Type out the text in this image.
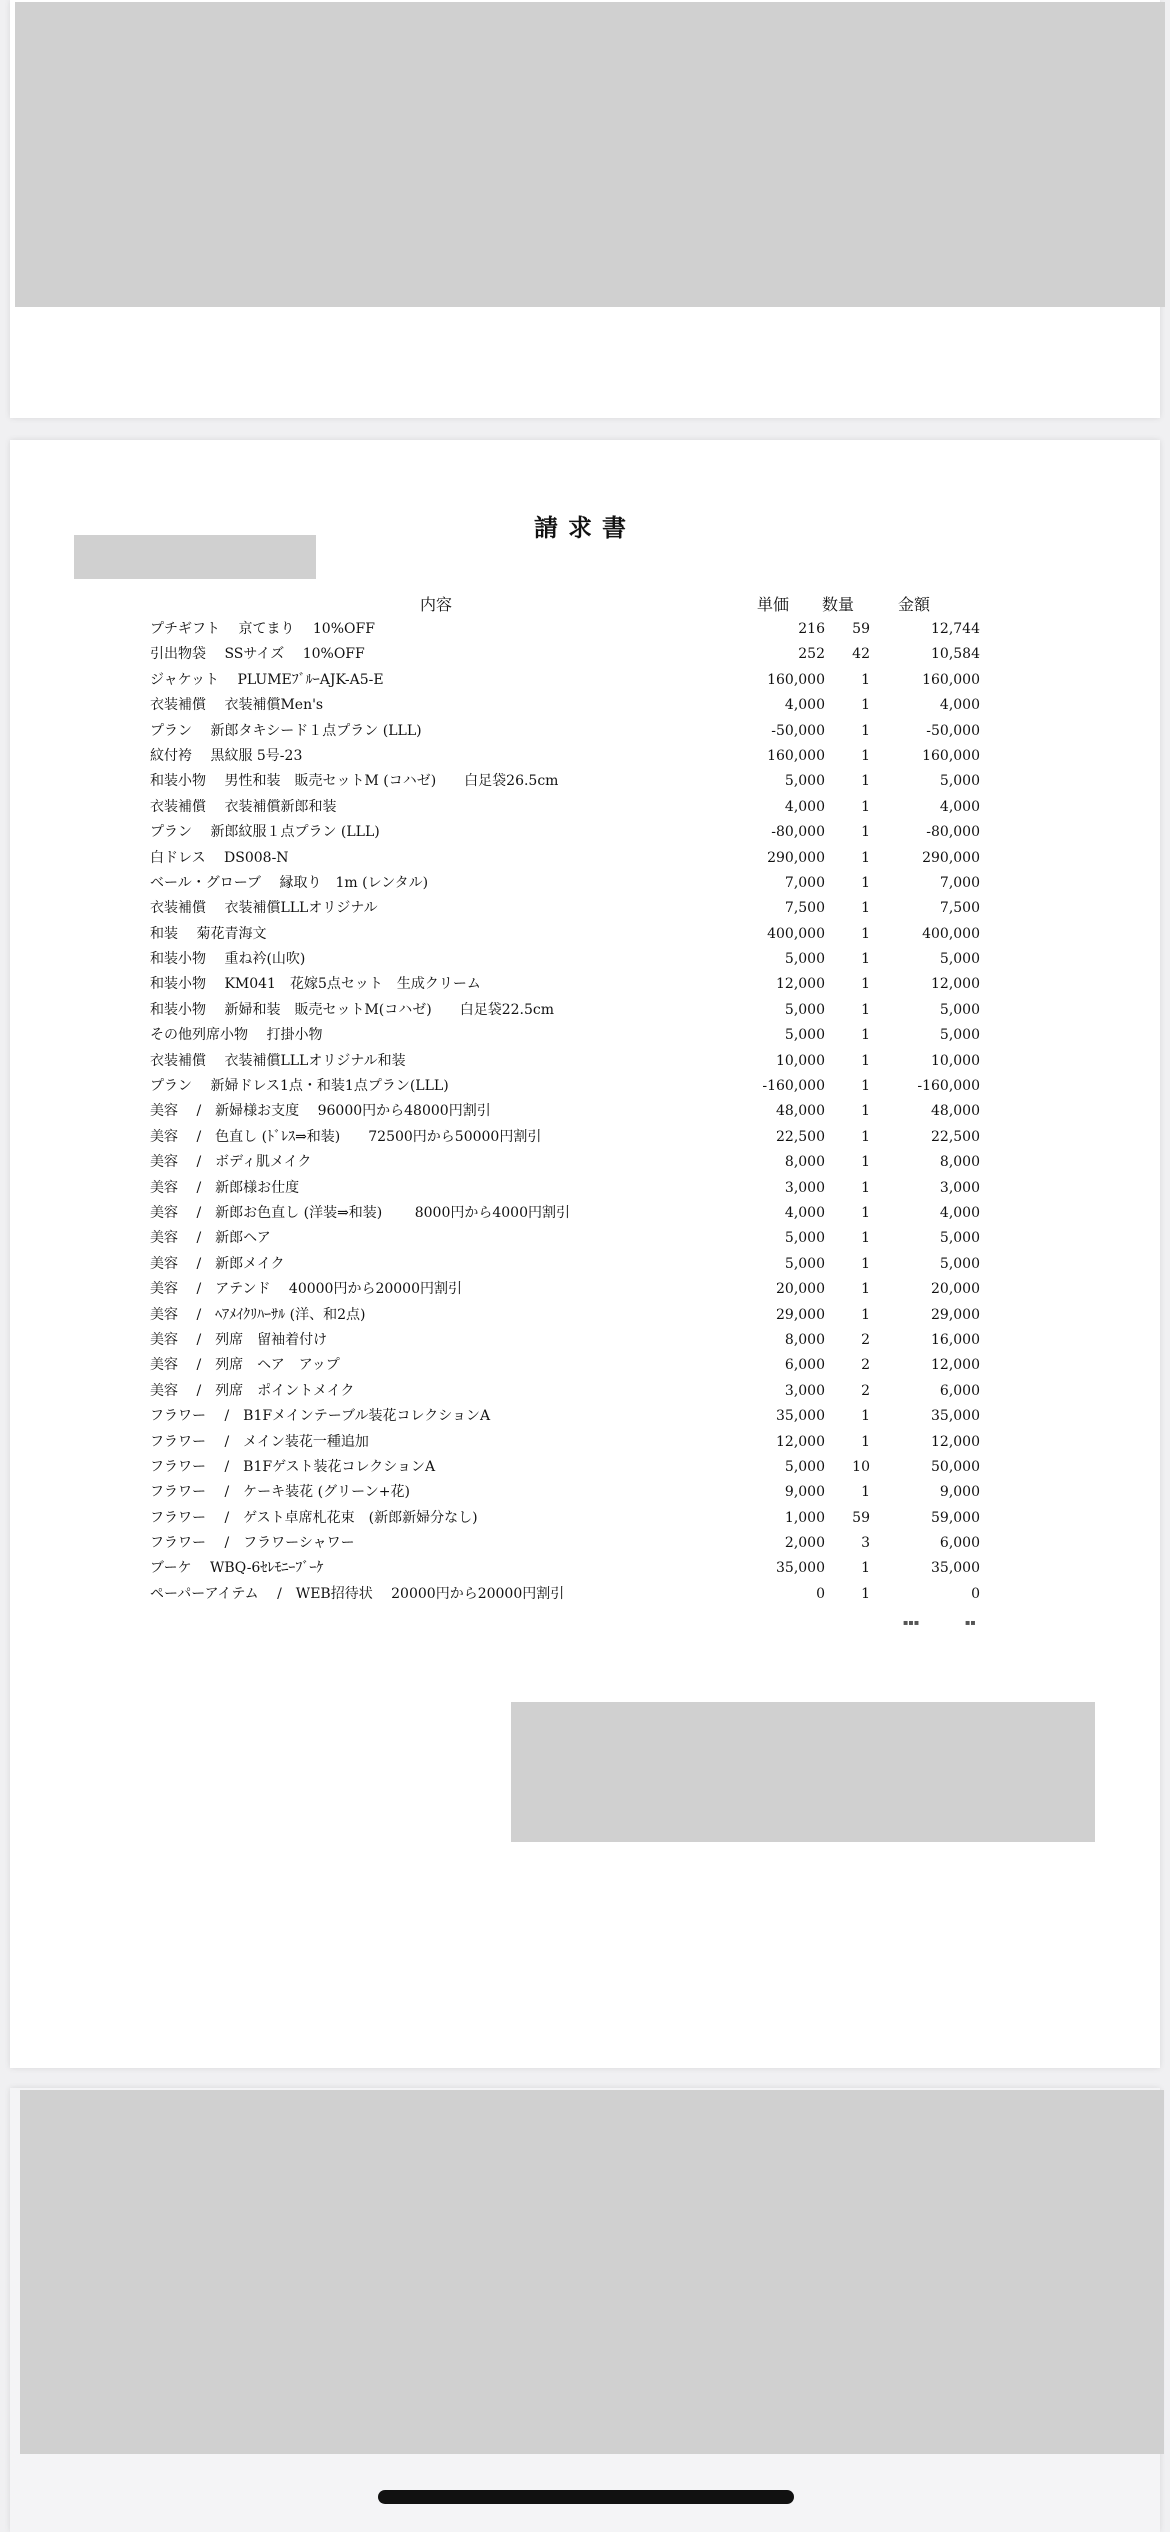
請求書
内容	単価 数量	金額
プチギフト　 京てまり　 10%OFF	216	59	12,744
引出物袋　 SSサイズ　 10%OFF	252	42	10,584
ジャケット　 PLUMEﾌﾞﾙｰAJK-A5-E	160,000	1	160,000
衣装補償　 衣装補償Men's	4,000	1	4,000
プラン　 新郎タキシード１点プラン (LLL)	-50,000	1	-50,000
紋付袴　 黒紋服 5号-23	160,000	1	160,000
和装小物　 男性和装　販売セットM (コハゼ)　　白足袋26.5cm	5,000	1	5,000
衣装補償　 衣装補償新郎和装	4,000	1	4,000
プラン　 新郎紋服１点プラン (LLL)	-80,000	1	-80,000
白ドレス　 DS008-N	290,000	1	290,000
ベール・グローブ　 縁取り　1m (レンタル)	7,000	1	7,000
衣装補償　 衣装補償LLLオリジナル	7,500	1	7,500
和装　 菊花青海文	400,000	1	400,000
和装小物　 重ね衿(山吹)	5,000	1	5,000
和装小物　 KM041　花嫁5点セット　生成クリーム	12,000	1	12,000
和装小物　 新婦和装　販売セットM(コハゼ)　　白足袋22.5cm	5,000	1	5,000
その他列席小物　 打掛小物	5,000	1	5,000
衣装補償　 衣装補償LLLオリジナル和装	10,000	1	10,000
プラン　 新婦ドレス1点・和装1点プラン(LLL)	-160,000	1	-160,000
美容　 /　新婦様お支度　 96000円から48000円割引	48,000	1	48,000
美容　 /　色直し (ﾄﾞﾚｽ⇒和装)　　72500円から50000円割引	22,500	1	22,500
美容　 /　ボディ肌メイク	8,000	1	8,000
美容　 /　新郎様お仕度	3,000	1	3,000
美容　 /　新郎お色直し (洋装⇒和装)　　 8000円から4000円割引	4,000	1	4,000
美容　 /　新郎ヘア	5,000	1	5,000
美容　 /　新郎メイク	5,000	1	5,000
美容　 /　アテンド　 40000円から20000円割引	20,000	1	20,000
美容　 /　ﾍｱﾒｲｸﾘﾊｰｻﾙ (洋、和2点)	29,000	1	29,000
美容　 /　列席　留袖着付け	8,000	2	16,000
美容　 /　列席　ヘア　アップ	6,000	2	12,000
美容　 /　列席　ポイントメイク	3,000	2	6,000
フラワー　 /　B1Fメインテーブル装花コレクションA	35,000	1	35,000
フラワー　 /　メイン装花一種追加	12,000	1	12,000
フラワー　 /　B1Fゲスト装花コレクションA	5,000	10	50,000
フラワー　 /　ケーキ装花 (グリーン+花)	9,000	1	9,000
フラワー　 /　ゲスト卓席札花束　(新郎新婦分なし)	1,000	59	59,000
フラワー　 /　フラワーシャワー	2,000	3	6,000
ブーケ　 WBQ-6ｾﾚﾓﾆｰﾌﾞｰｹ	35,000	1	35,000
ペーパーアイテム　 /　WEB招待状　 20000円から20000円割引	0	1	0
▪▪▪	▪▪
